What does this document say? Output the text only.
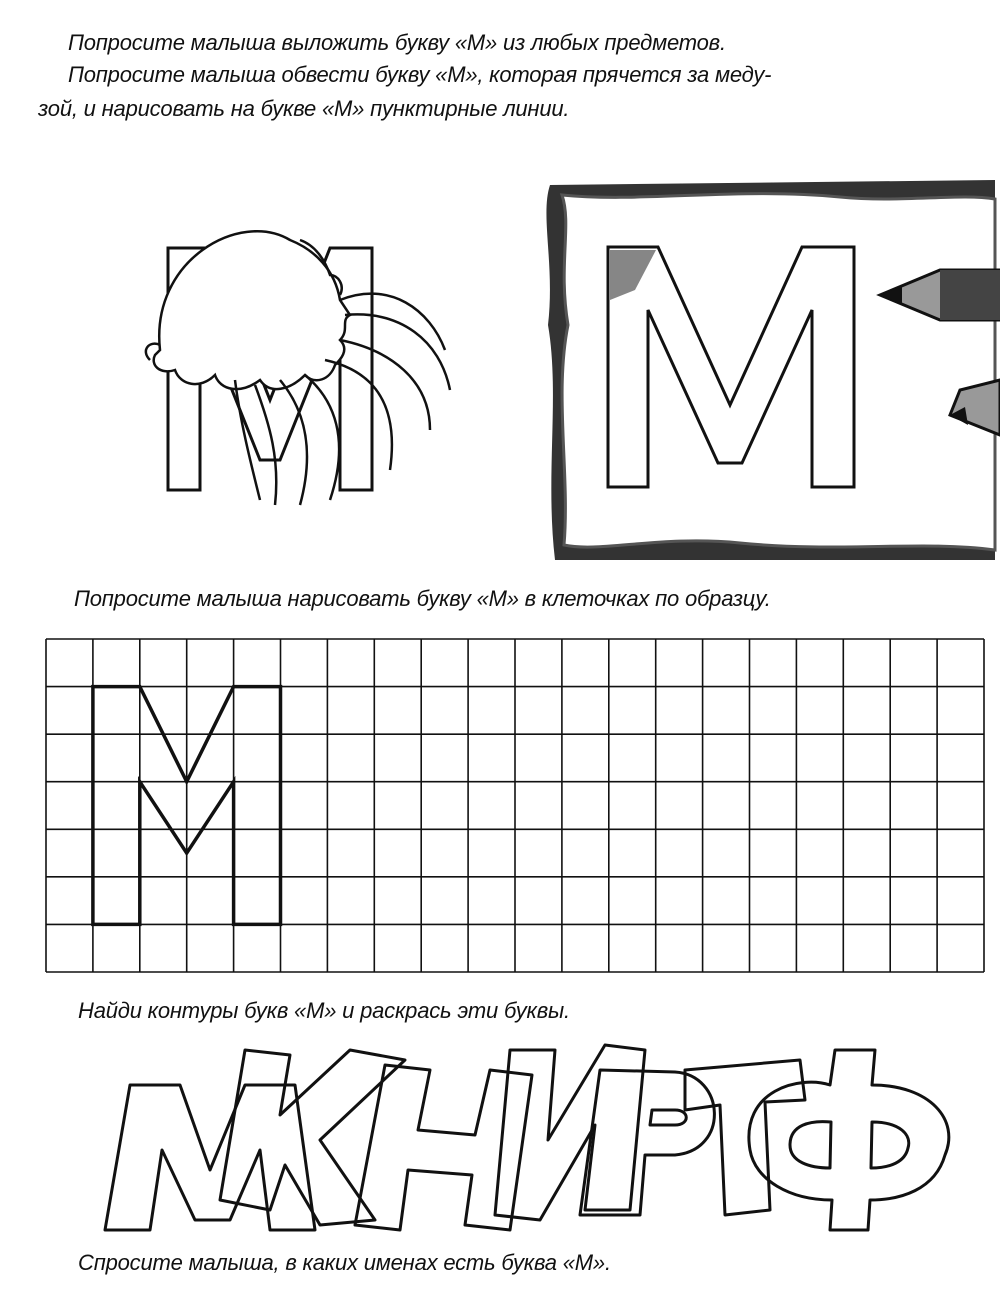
Попросите малыша выложить букву «М» из любых предметов.
Попросите малыша обвести букву «М», которая прячется за меду-
зой, и нарисовать на букве «М» пунктирные линии.
Попросите малыша нарисовать букву «М» в клеточках по образцу.
Найди контуры букв «М» и раскрась эти буквы.
Спросите малыша, в каких именах есть буква «М».
